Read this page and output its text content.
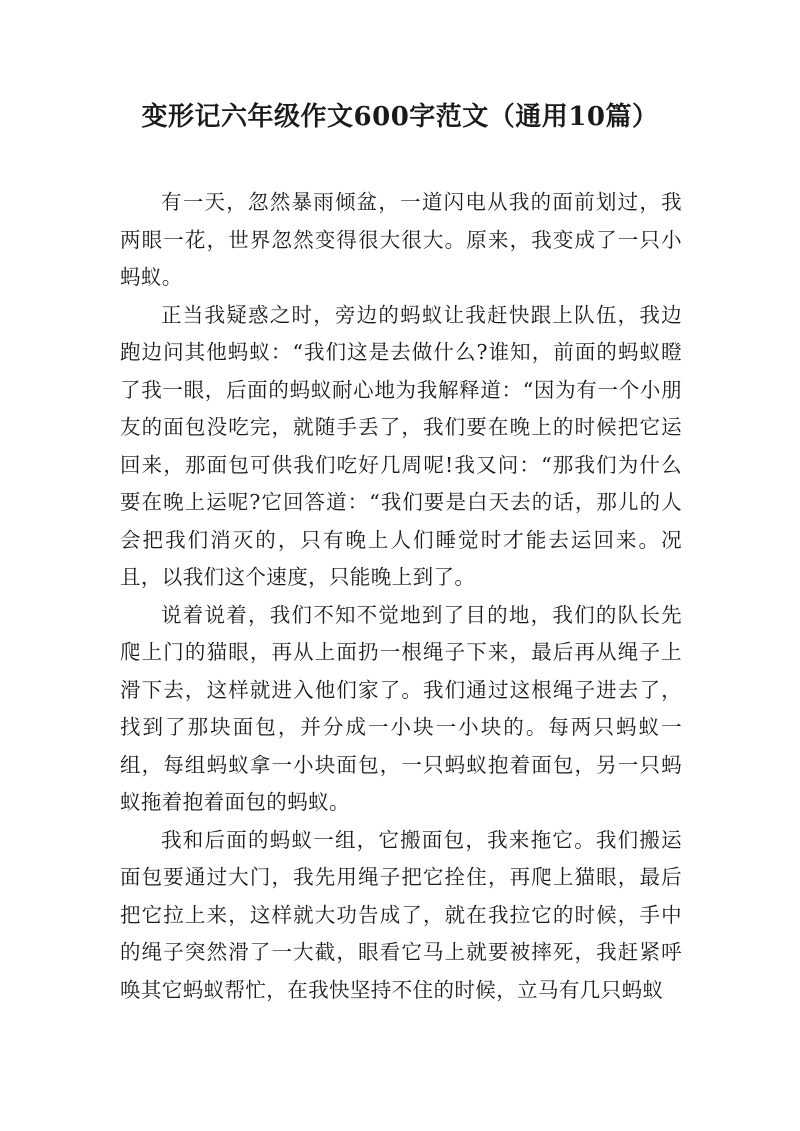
变形记六年级作文600字范文（通用10篇）

有一天，忽然暴雨倾盆，一道闪电从我的面前划过，我两眼一花，世界忽然变得很大很大。原来，我变成了一只小蚂蚁。

正当我疑惑之时，旁边的蚂蚁让我赶快跟上队伍，我边跑边问其他蚂蚁：“我们这是去做什么?谁知，前面的蚂蚁瞪了我一眼，后面的蚂蚁耐心地为我解释道：“因为有一个小朋友的面包没吃完，就随手丢了，我们要在晚上的时候把它运回来，那面包可供我们吃好几周呢!我又问：“那我们为什么要在晚上运呢?它回答道：“我们要是白天去的话，那儿的人会把我们消灭的，只有晚上人们睡觉时才能去运回来。况且，以我们这个速度，只能晚上到了。

说着说着，我们不知不觉地到了目的地，我们的队长先爬上门的猫眼，再从上面扔一根绳子下来，最后再从绳子上滑下去，这样就进入他们家了。我们通过这根绳子进去了，找到了那块面包，并分成一小块一小块的。每两只蚂蚁一组，每组蚂蚁拿一小块面包，一只蚂蚁抱着面包，另一只蚂蚁拖着抱着面包的蚂蚁。

我和后面的蚂蚁一组，它搬面包，我来拖它。我们搬运面包要通过大门，我先用绳子把它拴住，再爬上猫眼，最后把它拉上来，这样就大功告成了，就在我拉它的时候，手中的绳子突然滑了一大截，眼看它马上就要被摔死，我赶紧呼唤其它蚂蚁帮忙，在我快坚持不住的时候，立马有几只蚂蚁
